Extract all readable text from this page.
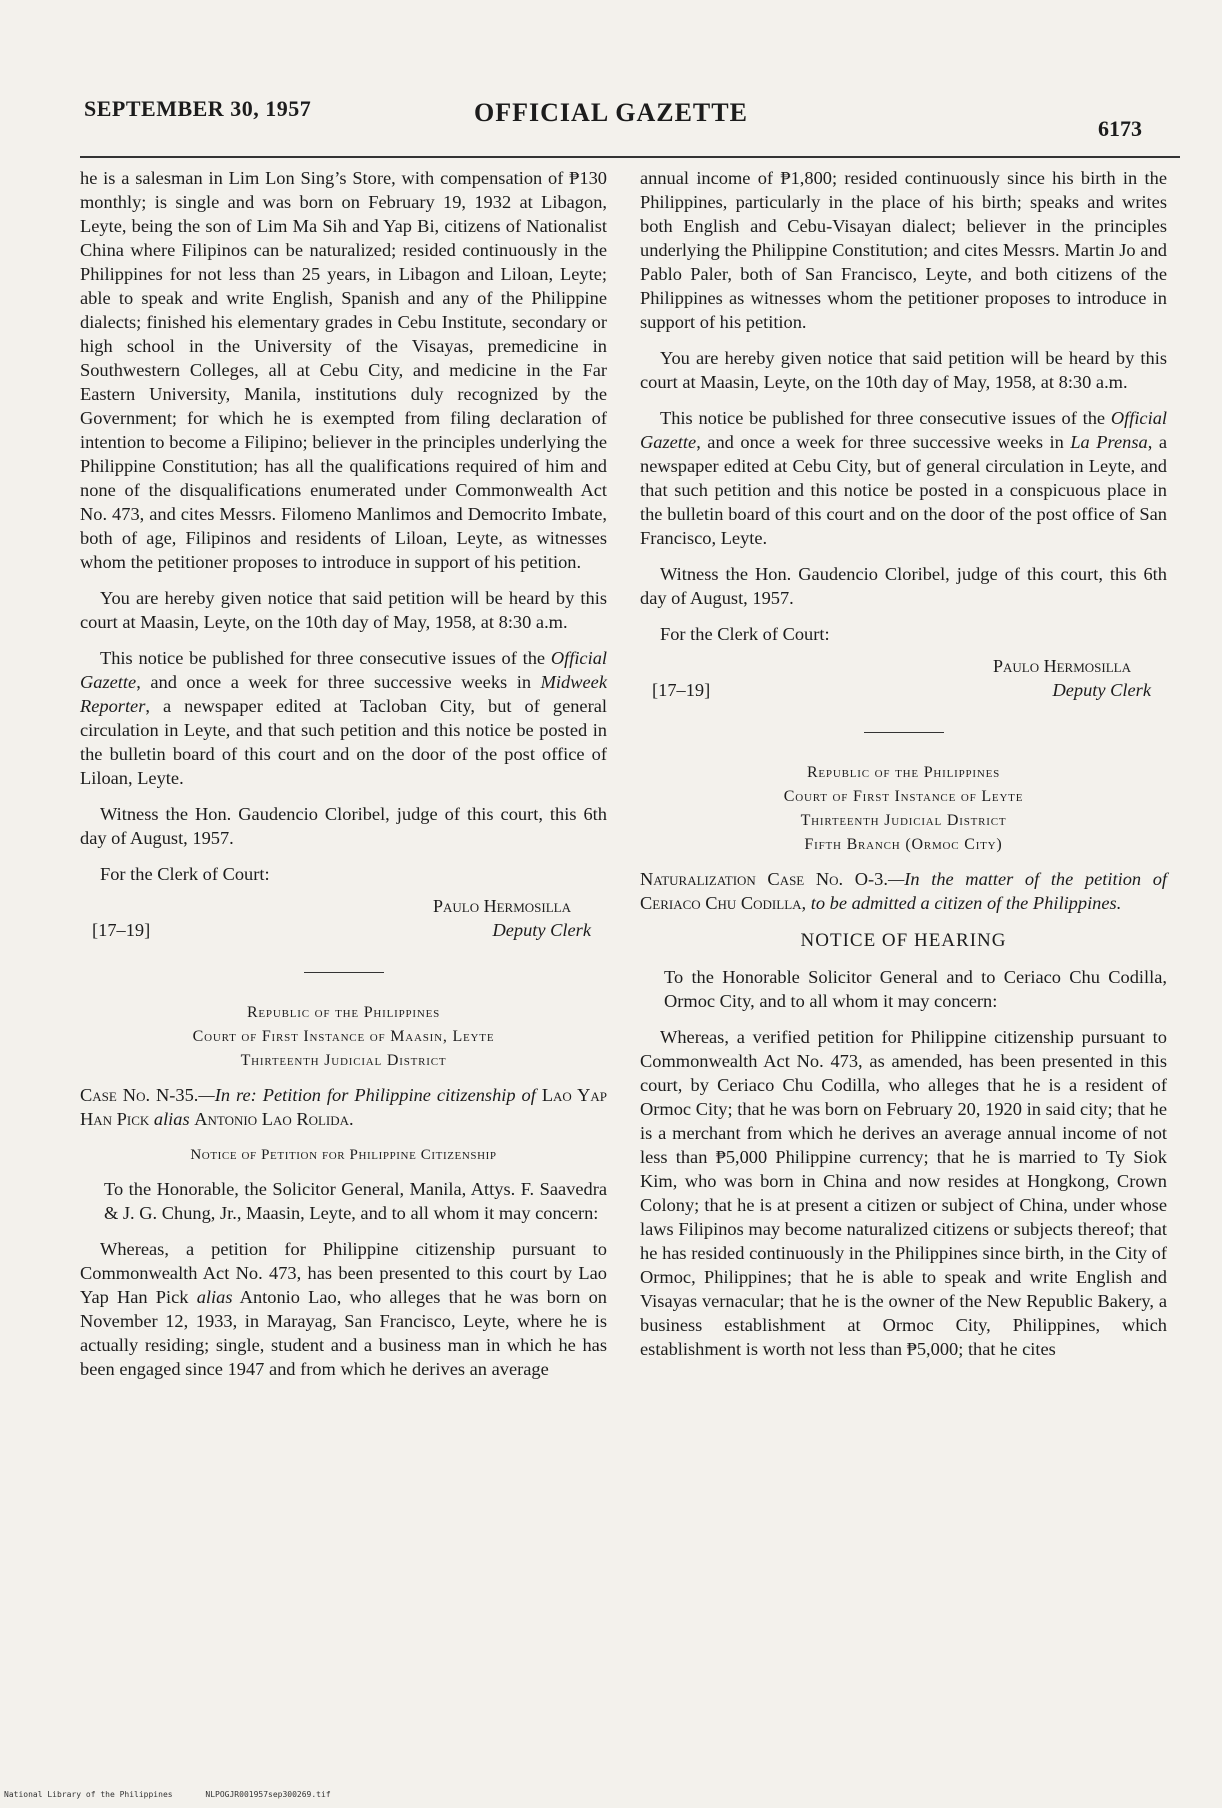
SEPTEMBER 30, 1957	OFFICIAL GAZETTE
6173

he is a salesman in Lim Lon Sing’s Store, with compensation of ₱130 monthly; is single and was born on February 19, 1932 at Libagon, Leyte, being the son of Lim Ma Sih and Yap Bi, citizens of Nationalist China where Filipinos can be naturalized; resided continuously in the Philippines for not less than 25 years, in Libagon and Liloan, Leyte; able to speak and write English, Spanish and any of the Philippine dialects; finished his elementary grades in Cebu Institute, secondary or high school in the University of the Visayas, premedicine in Southwestern Colleges, all at Cebu City, and medicine in the Far Eastern University, Manila, institutions duly recognized by the Government; for which he is exempted from filing declaration of intention to become a Filipino; believer in the principles underlying the Philippine Constitution; has all the qualifications required of him and none of the disqualifications enumerated under Commonwealth Act No. 473, and cites Messrs. Filomeno Manlimos and Democrito Imbate, both of age, Filipinos and residents of Liloan, Leyte, as witnesses whom the petitioner proposes to introduce in support of his petition.

You are hereby given notice that said petition will be heard by this court at Maasin, Leyte, on the 10th day of May, 1958, at 8:30 a.m.

This notice be published for three consecutive issues of the Official Gazette, and once a week for three successive weeks in Midweek Reporter, a newspaper edited at Tacloban City, but of general circulation in Leyte, and that such petition and this notice be posted in the bulletin board of this court and on the door of the post office of Liloan, Leyte.

Witness the Hon. Gaudencio Cloribel, judge of this court, this 6th day of August, 1957.

For the Clerk of Court:

Paulo Hermosilla
[17–19]	Deputy Clerk
Republic of the Philippines
Court of First Instance of Maasin, Leyte
Thirteenth Judicial District

Case No. N-35.—In re: Petition for Philippine citizenship of Lao Yap Han Pick alias Antonio Lao Rolida.

Notice of Petition for Philippine Citizenship

To the Honorable, the Solicitor General, Manila, Attys. F. Saavedra & J. G. Chung, Jr., Maasin, Leyte, and to all whom it may concern:

Whereas, a petition for Philippine citizenship pursuant to Commonwealth Act No. 473, has been presented to this court by Lao Yap Han Pick alias Antonio Lao, who alleges that he was born on November 12, 1933, in Marayag, San Francisco, Leyte, where he is actually residing; single, student and a business man in which he has been engaged since 1947 and from which he derives an average

annual income of ₱1,800; resided continuously since his birth in the Philippines, particularly in the place of his birth; speaks and writes both English and Cebu-Visayan dialect; believer in the principles underlying the Philippine Constitution; and cites Messrs. Martin Jo and Pablo Paler, both of San Francisco, Leyte, and both citizens of the Philippines as witnesses whom the petitioner proposes to introduce in support of his petition.

You are hereby given notice that said petition will be heard by this court at Maasin, Leyte, on the 10th day of May, 1958, at 8:30 a.m.

This notice be published for three consecutive issues of the Official Gazette, and once a week for three successive weeks in La Prensa, a newspaper edited at Cebu City, but of general circulation in Leyte, and that such petition and this notice be posted in a conspicuous place in the bulletin board of this court and on the door of the post office of San Francisco, Leyte.

Witness the Hon. Gaudencio Cloribel, judge of this court, this 6th day of August, 1957.

For the Clerk of Court:

Paulo Hermosilla
[17–19]	Deputy Clerk
Republic of the Philippines
Court of First Instance of Leyte
Thirteenth Judicial District
Fifth Branch (Ormoc City)

Naturalization Case No. O-3.—In the matter of the petition of Ceriaco Chu Codilla, to be admitted a citizen of the Philippines.

NOTICE OF HEARING

To the Honorable Solicitor General and to Ceriaco Chu Codilla, Ormoc City, and to all whom it may concern:

Whereas, a verified petition for Philippine citizenship pursuant to Commonwealth Act No. 473, as amended, has been presented in this court, by Ceriaco Chu Codilla, who alleges that he is a resident of Ormoc City; that he was born on February 20, 1920 in said city; that he is a merchant from which he derives an average annual income of not less than ₱5,000 Philippine currency; that he is married to Ty Siok Kim, who was born in China and now resides at Hongkong, Crown Colony; that he is at present a citizen or subject of China, under whose laws Filipinos may become naturalized citizens or subjects thereof; that he has resided continuously in the Philippines since birth, in the City of Ormoc, Philippines; that he is able to speak and write English and Visayas vernacular; that he is the owner of the New Republic Bakery, a business establishment at Ormoc City, Philippines, which establishment is worth not less than ₱5,000; that he cites

National Library of the Philippines	NLPOGJR001957sep300269.tif
